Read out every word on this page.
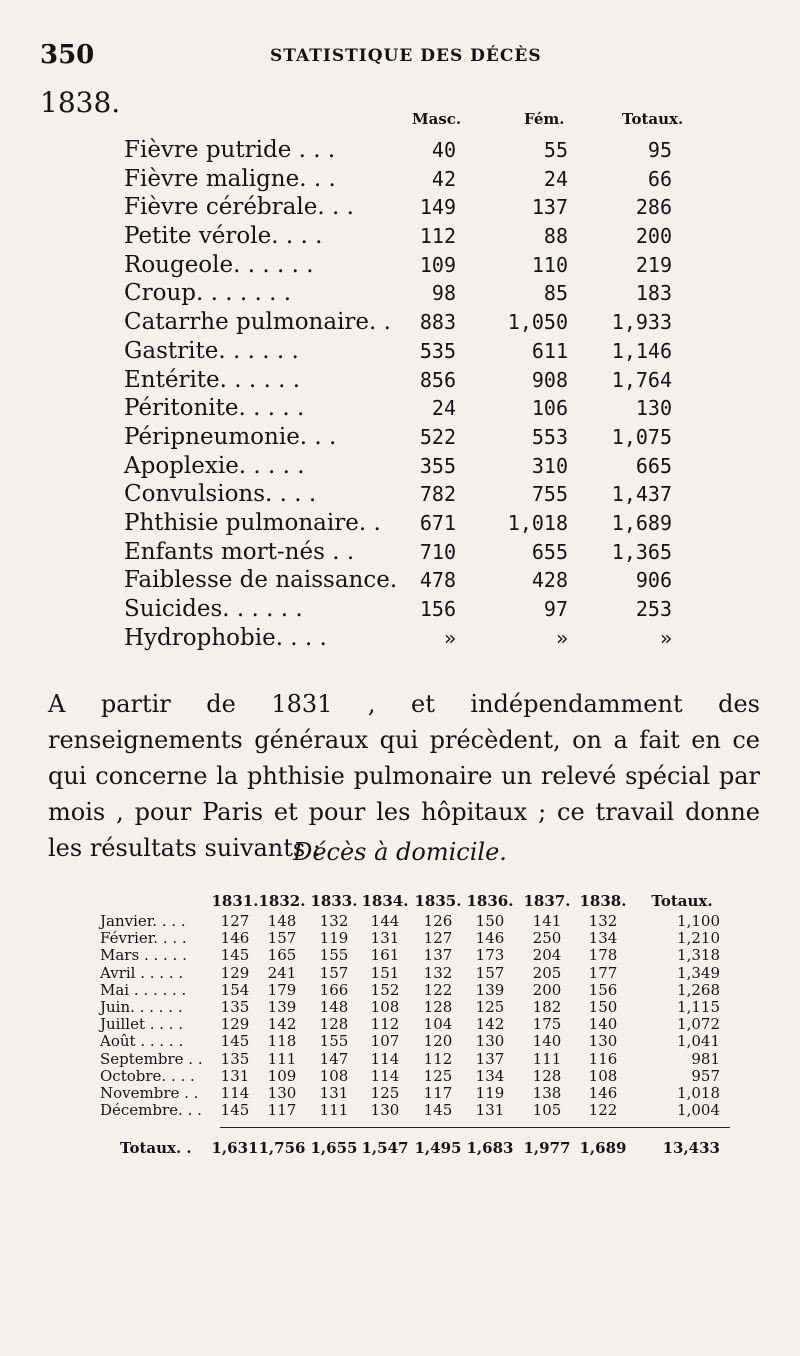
350	STATISTIQUE DES DÉCÈS
1838.	Masc.	Fém.	Totaux.
Fièvre putride . . .	40	55	95
Fièvre maligne. . .	42	24	66
Fièvre cérébrale. . .	149	137	286
Petite vérole. . . .	112	88	200
Rougeole. . . . . .	109	110	219
Croup. . . . . . .	98	85	183
Catarrhe pulmonaire. . 883	1,050 1,933
Gastrite. . . . . .	535	611 1,146
Entérite. . . . . .	856	908 1,764
Péritonite. . . . .	24	106	130
Péripneumonie. . .	522	553 1,075
Apoplexie. . . . .	355	310	665
Convulsions. . . .	782	755 1,437
Phthisie pulmonaire. . 671	1,018 1,689
Enfants mort-nés . .	710	655 1,365
Faiblesse de naissance. 478	428	906
Suicides. . . . . .	156	97	253
Hydrophobie. . . .	»	»	»

A partir de 1831 , et indépendamment des renseignements généraux qui précèdent, on a fait en ce qui concerne la phthisie pulmonaire un relevé spécial par mois , pour Paris et pour les hôpitaux ; ce travail donne les résultats suivants :

Décès à domicile.
1831. 1832. 1833. 1834. 1835. 1836. 1837. 1838.	Totaux.
Janvier. . . .	127	148	132	144	126	150	141	132	1,100
Février. . . .	146	157	119	131	127	146	250	134	1,210
Mars . . . . .	145	165	155	161	137	173	204	178	1,318
Avril . . . . .	129	241	157	151	132	157	205	177	1,349
Mai . . . . . .	154	179	166	152	122	139	200	156	1,268
Juin. . . . . .	135	139	148	108	128	125	182	150	1,115
Juillet . . . .	129	142	128	112	104	142	175	140	1,072
Août . . . . .	145	118	155	107	120	130	140	130	1,041
Septembre . .	135	111	147	114	112	137	111	116	981
Octobre. . . .	131	109	108	114	125	134	128	108	957
Novembre . .	114	130	131	125	117	119	138	146	1,018
Décembre. . .	145	117	111	130	145	131	105	122	1,004
Totaux. .	1,631 1,756 1,655 1,547 1,495 1,683 1,977 1,689	13,433
